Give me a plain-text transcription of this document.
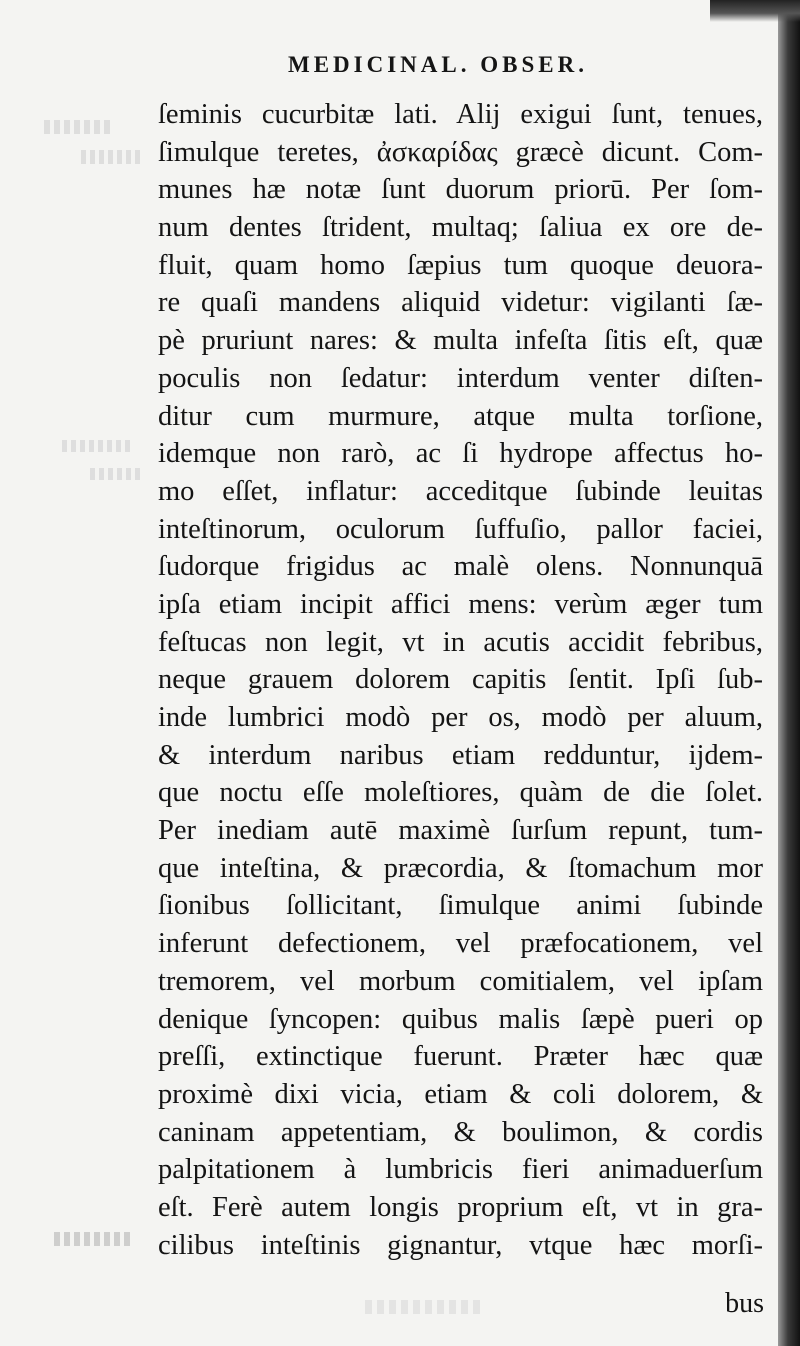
MEDICINAL. OBSER.
ſeminis cucurbitæ lati. Alij exigui ſunt, tenues,
ſimulque teretes, ἀσκαρίδας græcè dicunt. Com-
munes hæ notæ ſunt duorum priorū. Per ſom-
num dentes ſtrident, multaq; ſaliua ex ore de-
fluit, quam homo ſæpius tum quoque deuora-
re quaſi mandens aliquid videtur: vigilanti ſæ-
pè pruriunt nares: & multa infeſta ſitis eſt, quæ
poculis non ſedatur: interdum venter diſten-
ditur cum murmure, atque multa torſione,
idemque non rarò, ac ſi hydrope affectus ho-
mo eſſet, inflatur: acceditque ſubinde leuitas
inteſtinorum, oculorum ſuffuſio, pallor faciei,
ſudorque frigidus ac malè olens. Nonnunquā
ipſa etiam incipit affici mens: verùm æger tum
feſtucas non legit, vt in acutis accidit febribus,
neque grauem dolorem capitis ſentit. Ipſi ſub-
inde lumbrici modò per os, modò per aluum,
& interdum naribus etiam redduntur, ijdem-
que noctu eſſe moleſtiores, quàm de die ſolet.
Per inediam autē maximè ſurſum repunt, tum-
que inteſtina, & præcordia, & ſtomachum mor
ſionibus ſollicitant, ſimulque animi ſubinde
inferunt defectionem, vel præfocationem, vel
tremorem, vel morbum comitialem, vel ipſam
denique ſyncopen: quibus malis ſæpè pueri op
preſſi, extinctique fuerunt. Præter hæc quæ
proximè dixi vicia, etiam & coli dolorem, &
caninam appetentiam, & boulimon, & cordis
palpitationem à lumbricis fieri animaduerſum
eſt. Ferè autem longis proprium eſt, vt in gra-
cilibus inteſtinis gignantur, vtque hæc morſi-
bus
